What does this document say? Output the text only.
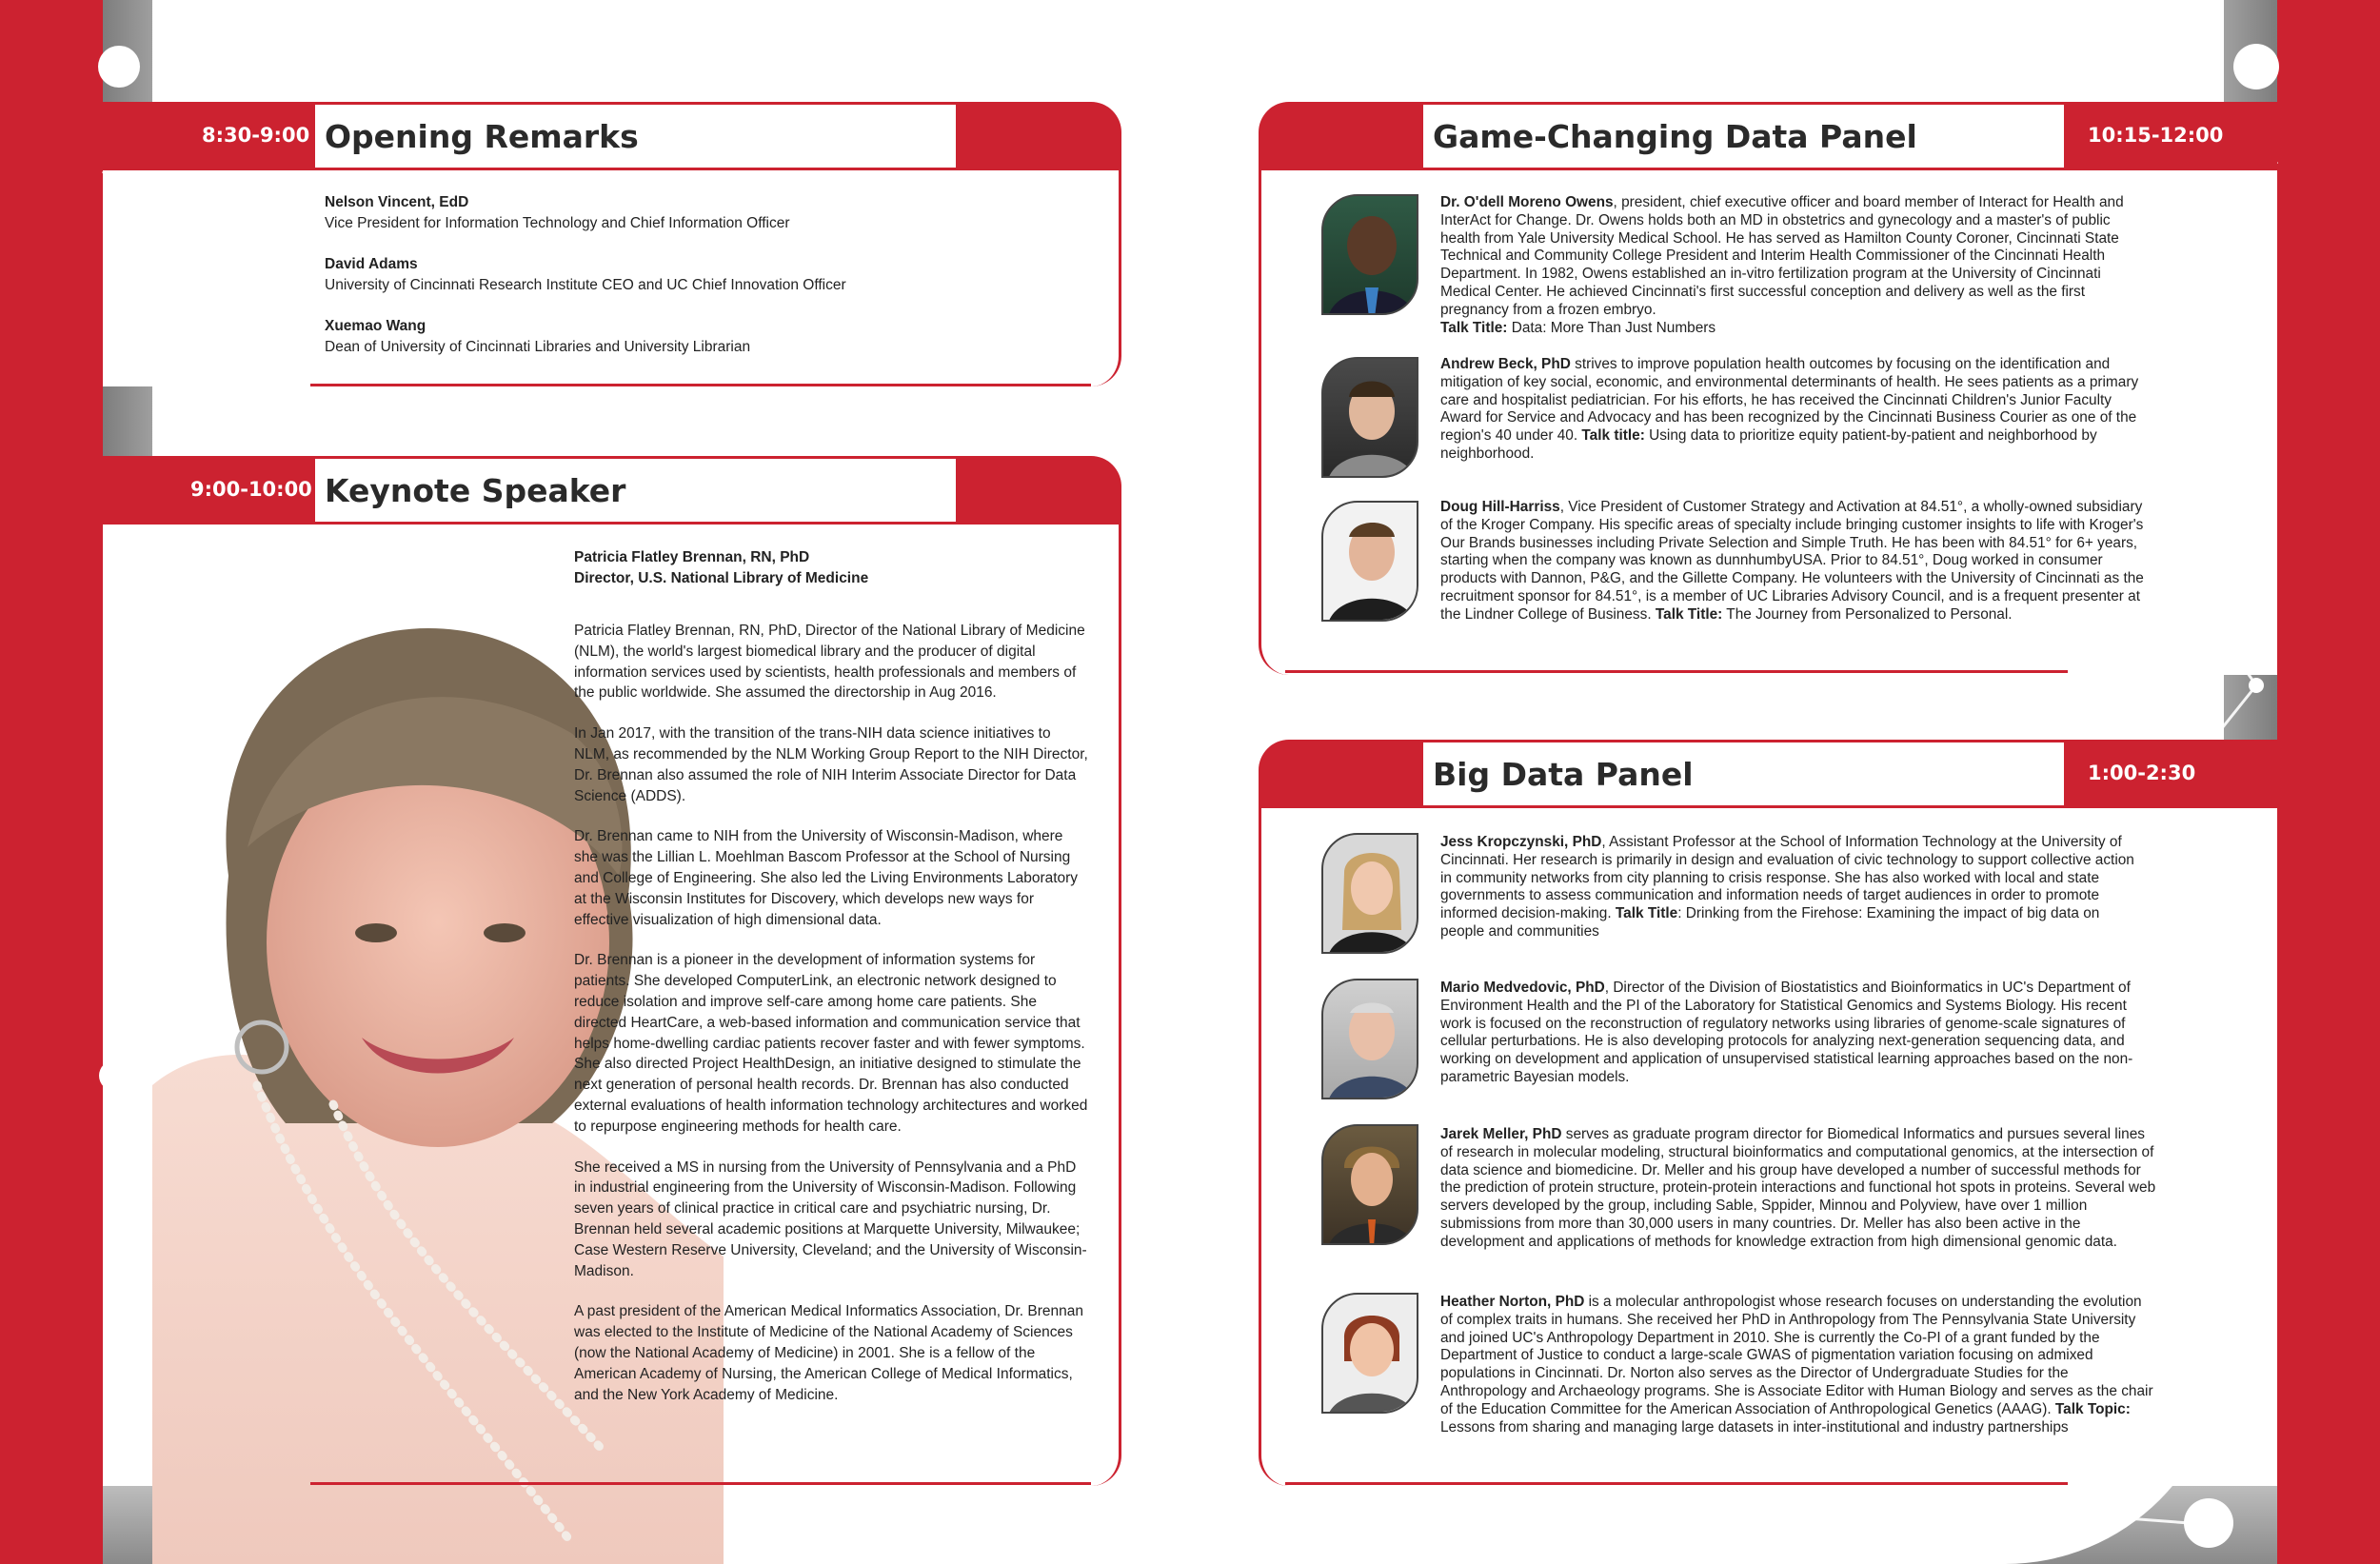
8:30-9:00 Opening Remarks
Nelson Vincent, EdD
Vice President for Information Technology and Chief Information Officer
David Adams
University of Cincinnati Research Institute CEO and UC Chief Innovation Officer
Xuemao Wang
Dean of University of Cincinnati Libraries and University Librarian
9:00-10:00 Keynote Speaker
Patricia Flatley Brennan, RN, PhD
Director, U.S. National Library of Medicine

Patricia Flatley Brennan, RN, PhD, Director of the National Library of Medicine (NLM), the world's largest biomedical library and the producer of digital information services used by scientists, health professionals and members of the public worldwide. She assumed the directorship in Aug 2016.

In Jan 2017, with the transition of the trans-NIH data science initiatives to NLM, as recommended by the NLM Working Group Report to the NIH Director, Dr. Brennan also assumed the role of NIH Interim Associate Director for Data Science (ADDS).

Dr. Brennan came to NIH from the University of Wisconsin-Madison, where she was the Lillian L. Moehlman Bascom Professor at the School of Nursing and College of Engineering. She also led the Living Environments Laboratory at the Wisconsin Institutes for Discovery, which develops new ways for effective visualization of high dimensional data.

Dr. Brennan is a pioneer in the development of information systems for patients. She developed ComputerLink, an electronic network designed to reduce isolation and improve self-care among home care patients. She directed HeartCare, a web-based information and communication service that helps home-dwelling cardiac patients recover faster and with fewer symptoms. She also directed Project HealthDesign, an initiative designed to stimulate the next generation of personal health records. Dr. Brennan has also conducted external evaluations of health information technology architectures and worked to repurpose engineering methods for health care.

She received a MS in nursing from the University of Pennsylvania and a PhD in industrial engineering from the University of Wisconsin-Madison. Following seven years of clinical practice in critical care and psychiatric nursing, Dr. Brennan held several academic positions at Marquette University, Milwaukee; Case Western Reserve University, Cleveland; and the University of Wisconsin-Madison.

A past president of the American Medical Informatics Association, Dr. Brennan was elected to the Institute of Medicine of the National Academy of Sciences (now the National Academy of Medicine) in 2001. She is a fellow of the American Academy of Nursing, the American College of Medical Informatics, and the New York Academy of Medicine.

Game-Changing Data Panel	10:15-12:00
Dr. O'dell Moreno Owens, president, chief executive officer and board member of Interact for Health and InterAct for Change. Dr. Owens holds both an MD in obstetrics and gynecology and a master's of public health from Yale University Medical School. He has served as Hamilton County Coroner, Cincinnati State Technical and Community College President and Interim Health Commissioner of the Cincinnati Health Department. In 1982, Owens established an in-vitro fertilization program at the University of Cincinnati Medical Center. He achieved Cincinnati's first successful conception and delivery as well as the first pregnancy from a frozen embryo.
Talk Title: Data: More Than Just Numbers
Andrew Beck, PhD strives to improve population health outcomes by focusing on the identification and mitigation of key social, economic, and environmental determinants of health. He sees patients as a primary care and hospitalist pediatrician. For his efforts, he has received the Cincinnati Children's Junior Faculty Award for Service and Advocacy and has been recognized by the Cincinnati Business Courier as one of the region's 40 under 40. Talk title: Using data to prioritize equity patient-by-patient and neighborhood by neighborhood.
Doug Hill-Harriss, Vice President of Customer Strategy and Activation at 84.51°, a wholly-owned subsidiary of the Kroger Company. His specific areas of specialty include bringing customer insights to life with Kroger's Our Brands businesses including Private Selection and Simple Truth. He has been with 84.51° for 6+ years, starting when the company was known as dunnhumbyUSA. Prior to 84.51°, Doug worked in consumer products with Dannon, P&G, and the Gillette Company. He volunteers with the University of Cincinnati as the recruitment sponsor for 84.51°, is a member of UC Libraries Advisory Council, and is a frequent presenter at the Lindner College of Business. Talk Title: The Journey from Personalized to Personal.
Big Data Panel	1:00-2:30
Jess Kropczynski, PhD, Assistant Professor at the School of Information Technology at the University of Cincinnati. Her research is primarily in design and evaluation of civic technology to support collective action in community networks from city planning to crisis response. She has also worked with local and state governments to assess communication and information needs of target audiences in order to promote informed decision-making. Talk Title: Drinking from the Firehose: Examining the impact of big data on people and communities
Mario Medvedovic, PhD, Director of the Division of Biostatistics and Bioinformatics in UC's Department of Environment Health and the PI of the Laboratory for Statistical Genomics and Systems Biology. His recent work is focused on the reconstruction of regulatory networks using libraries of genome-scale signatures of cellular perturbations. He is also developing protocols for analyzing next-generation sequencing data, and working on development and application of unsupervised statistical learning approaches based on the non-parametric Bayesian models.
Jarek Meller, PhD serves as graduate program director for Biomedical Informatics and pursues several lines of research in molecular modeling, structural bioinformatics and computational genomics, at the intersection of data science and biomedicine. Dr. Meller and his group have developed a number of successful methods for the prediction of protein structure, protein-protein interactions and functional hot spots in proteins. Several web servers developed by the group, including Sable, Sppider, Minnou and Polyview, have over 1 million submissions from more than 30,000 users in many countries. Dr. Meller has also been active in the development and applications of methods for knowledge extraction from high dimensional genomic data.
Heather Norton, PhD is a molecular anthropologist whose research focuses on understanding the evolution of complex traits in humans. She received her PhD in Anthropology from The Pennsylvania State University and joined UC's Anthropology Department in 2010. She is currently the Co-PI of a grant funded by the Department of Justice to conduct a large-scale GWAS of pigmentation variation focusing on admixed populations in Cincinnati. Dr. Norton also serves as the Director of Undergraduate Studies for the Anthropology and Archaeology programs. She is Associate Editor with Human Biology and serves as the chair of the Education Committee for the American Association of Anthropological Genetics (AAAG). Talk Topic: Lessons from sharing and managing large datasets in inter-institutional and industry partnerships
